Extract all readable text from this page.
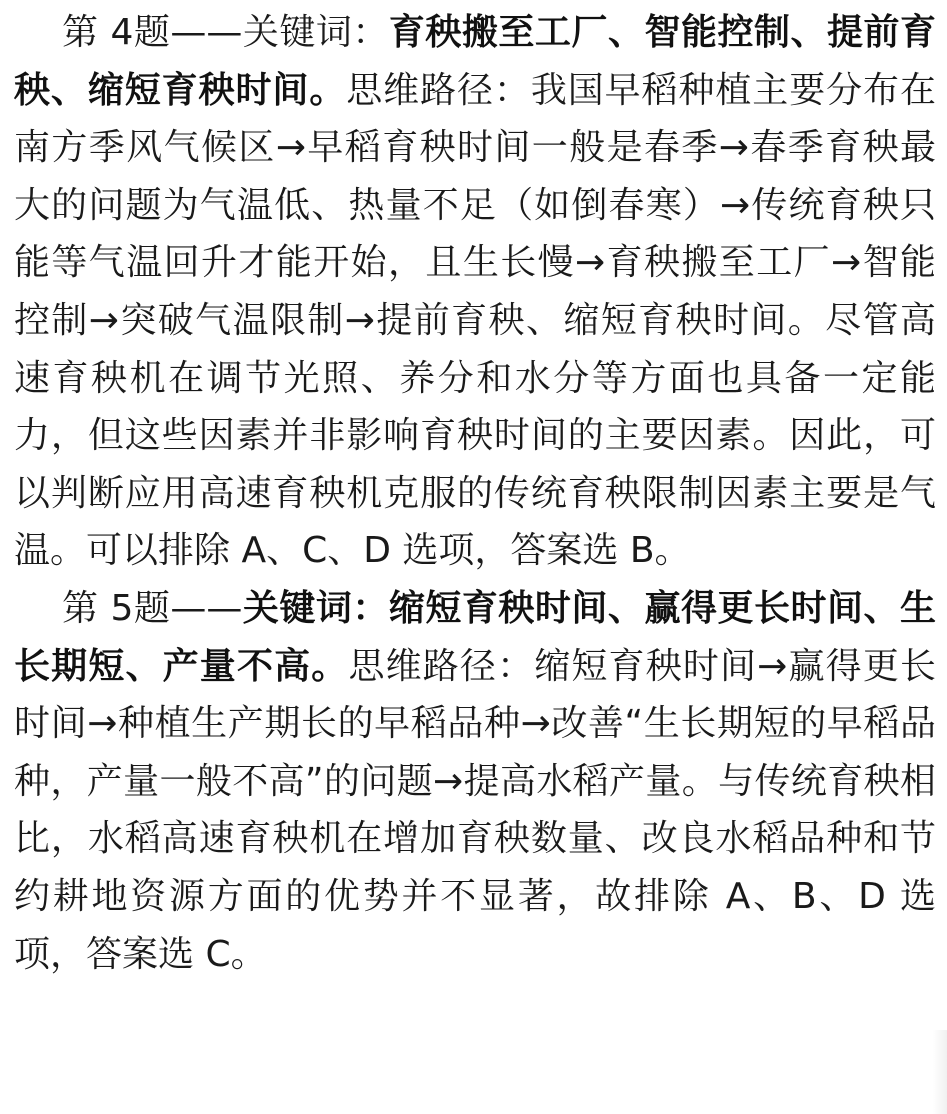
第 4题——关键词：育秧搬至工厂、智能控制、提前育秧、缩短育秧时间。思维路径：我国早稻种植主要分布在南方季风气候区→早稻育秧时间一般是春季→春季育秧最大的问题为气温低、热量不足（如倒春寒）→传统育秧只能等气温回升才能开始，且生长慢→育秧搬至工厂→智能控制→突破气温限制→提前育秧、缩短育秧时间。尽管高速育秧机在调节光照、养分和水分等方面也具备一定能力，但这些因素并非影响育秧时间的主要因素。因此，可以判断应用高速育秧机克服的传统育秧限制因素主要是气温。可以排除 A、C、D 选项，答案选 B。

第 5题——关键词：缩短育秧时间、赢得更长时间、生长期短、产量不高。思维路径：缩短育秧时间→赢得更长时间→种植生产期长的早稻品种→改善“生长期短的早稻品种，产量一般不高”的问题→提高水稻产量。与传统育秧相比，水稻高速育秧机在增加育秧数量、改良水稻品种和节约耕地资源方面的优势并不显著，故排除 A、B、D 选项，答案选 C。
